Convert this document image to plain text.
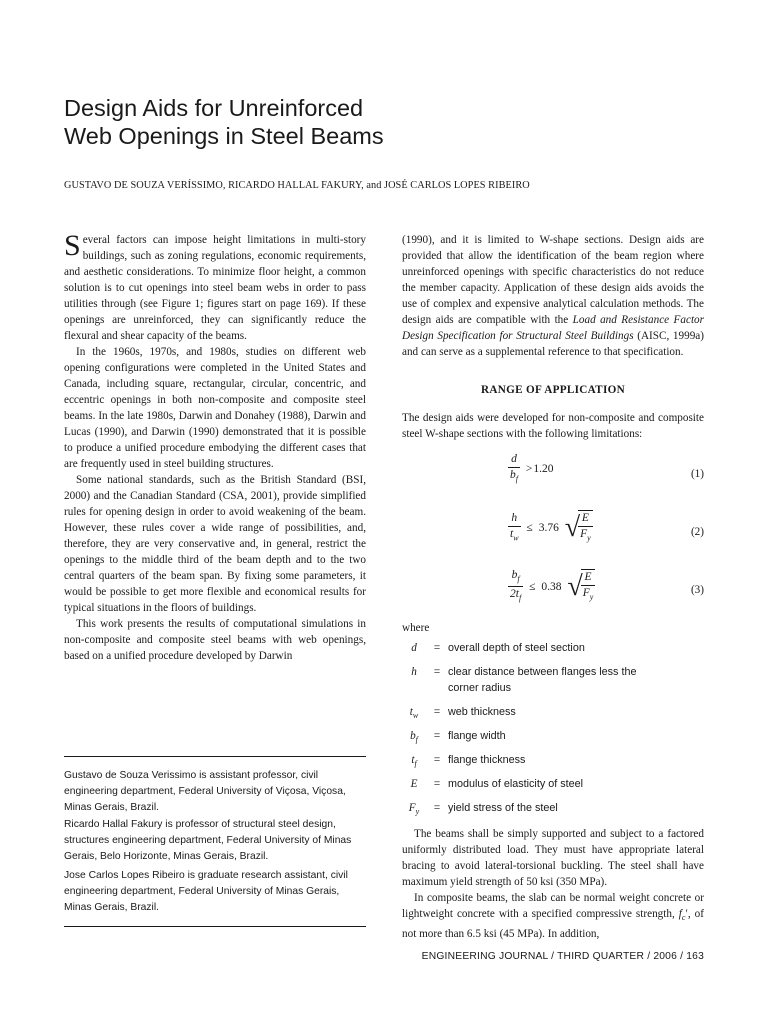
Design Aids for Unreinforced
Web Openings in Steel Beams
GUSTAVO DE SOUZA VERÍSSIMO, RICARDO HALLAL FAKURY, and JOSÉ CARLOS LOPES RIBEIRO

Several factors can impose height limitations in multi-story buildings, such as zoning regulations, economic requirements, and aesthetic considerations. To minimize floor height, a common solution is to cut openings into steel beam webs in order to pass utilities through (see Figure 1; figures start on page 169). If these openings are unreinforced, they can significantly reduce the flexural and shear capacity of the beams.

In the 1960s, 1970s, and 1980s, studies on different web opening configurations were completed in the United States and Canada, including square, rectangular, circular, concentric, and eccentric openings in both non-composite and composite steel beams. In the late 1980s, Darwin and Donahey (1988), Darwin and Lucas (1990), and Darwin (1990) demonstrated that it is possible to produce a unified procedure embodying the different cases that are frequently used in steel building structures.

Some national standards, such as the British Standard (BSI, 2000) and the Canadian Standard (CSA, 2001), provide simplified rules for opening design in order to avoid weakening of the beam. However, these rules cover a wide range of possibilities, and, therefore, they are very conservative and, in general, restrict the openings to the middle third of the beam depth and to the two central quarters of the beam span. By fixing some parameters, it would be possible to get more flexible and economical results for typical situations in the floors of buildings.

This work presents the results of computational simulations in non-composite and composite steel beams with web openings, based on a unified procedure developed by Darwin

Gustavo de Souza Verissimo is assistant professor, civil engineering department, Federal University of Viçosa, Viçosa, Minas Gerais, Brazil.
Ricardo Hallal Fakury is professor of structural steel design, structures engineering department, Federal University of Minas Gerais, Belo Horizonte, Minas Gerais, Brazil.
Jose Carlos Lopes Ribeiro is graduate research assistant, civil engineering department, Federal University of Minas Gerais, Minas Gerais, Brazil.

(1990), and it is limited to W-shape sections. Design aids are provided that allow the identification of the beam region where unreinforced openings with specific characteristics do not reduce the member capacity. Application of these design aids avoids the use of complex and expensive analytical calculation methods. The design aids are compatible with the Load and Resistance Factor Design Specification for Structural Steel Buildings (AISC, 1999a) and can serve as a supplemental reference to that specification.

RANGE OF APPLICATION

The design aids were developed for non-composite and composite steel W-shape sections with the following limitations:

$\frac{d}{b_f} >1.20$	(1)
$\frac{h}{t_w} \le 3.76$ √
$\frac{E}{F_y}$	(2)
$\frac{b_f}{2t_f} \le 0.38$ √
$\frac{E}{F_y}$	(3)

where

d	= overall depth of steel section
h	= clear distance between flanges less the corner radius
$t_w$	= web thickness
$b_f$	= flange width
$t_f$	= flange thickness
E	= modulus of elasticity of steel
$F_y$	= yield stress of the steel

The beams shall be simply supported and subject to a factored uniformly distributed load. They must have appropriate lateral bracing to avoid lateral-torsional buckling. The steel shall have maximum yield strength of 50 ksi (350 MPa).

In composite beams, the slab can be normal weight concrete or lightweight concrete with a specified compressive strength, $f_c'$, of not more than 6.5 ksi (45 MPa). In addition,

ENGINEERING JOURNAL / THIRD QUARTER / 2006 / 163
